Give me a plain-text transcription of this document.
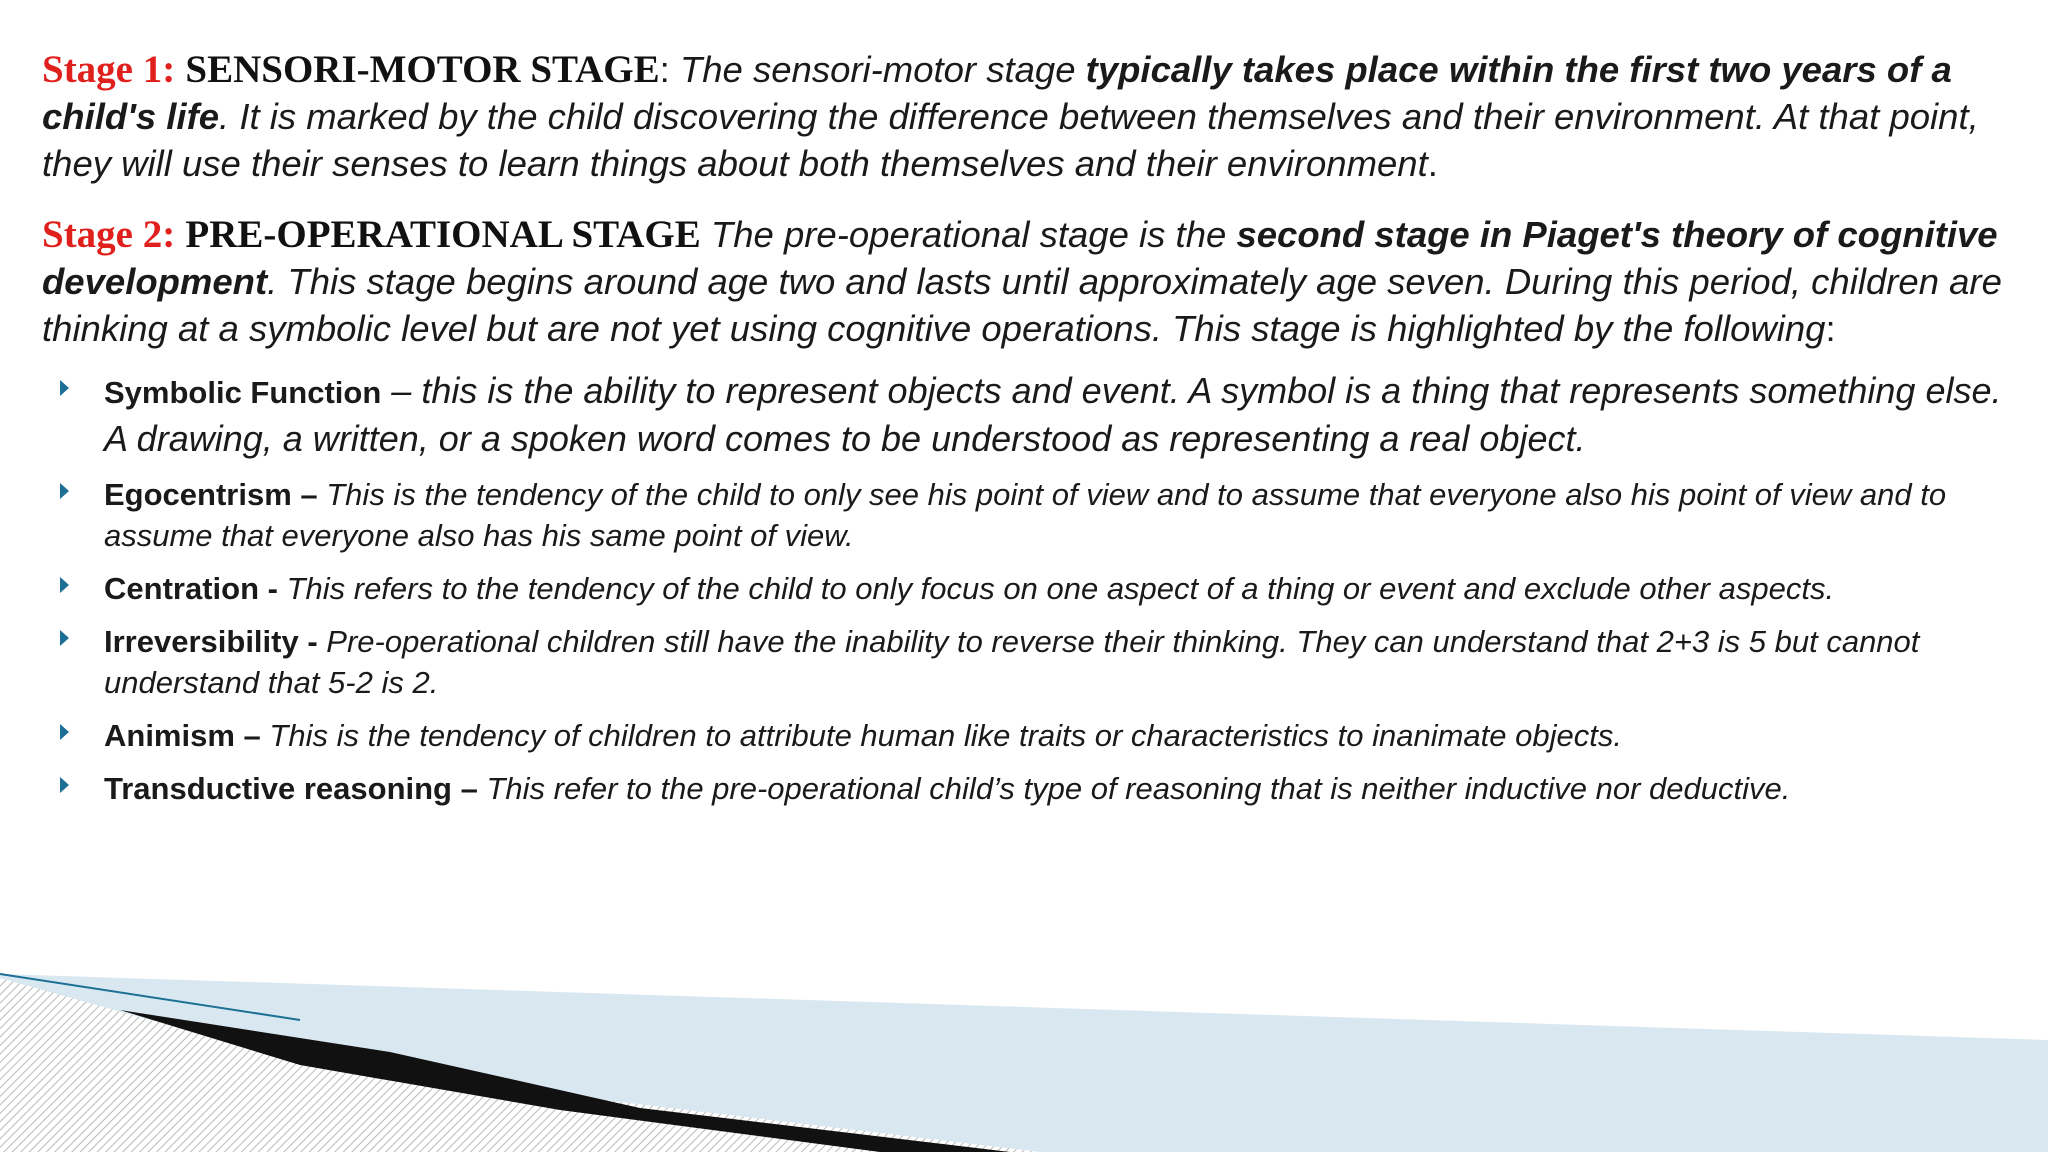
Stage 1: SENSORI-MOTOR STAGE: The sensori-motor stage typically takes place within the first two years of a child's life. It is marked by the child discovering the difference between themselves and their environment. At that point, they will use their senses to learn things about both themselves and their environment.

Stage 2: PRE-OPERATIONAL STAGE The pre-operational stage is the second stage in Piaget's theory of cognitive development. This stage begins around age two and lasts until approximately age seven. During this period, children are thinking at a symbolic level but are not yet using cognitive operations. This stage is highlighted by the following:

Symbolic Function – this is the ability to represent objects and event. A symbol is a thing that represents something else. A drawing, a written, or a spoken word comes to be understood as representing a real object.
Egocentrism – This is the tendency of the child to only see his point of view and to assume that everyone also his point of view and to assume that everyone also has his same point of view.
Centration - This refers to the tendency of the child to only focus on one aspect of a thing or event and exclude other aspects.
Irreversibility - Pre-operational children still have the inability to reverse their thinking. They can understand that 2+3 is 5 but cannot understand that 5-2 is 2.
Animism – This is the tendency of children to attribute human like traits or characteristics to inanimate objects.
Transductive reasoning – This refer to the pre-operational child’s type of reasoning that is neither inductive nor deductive.
